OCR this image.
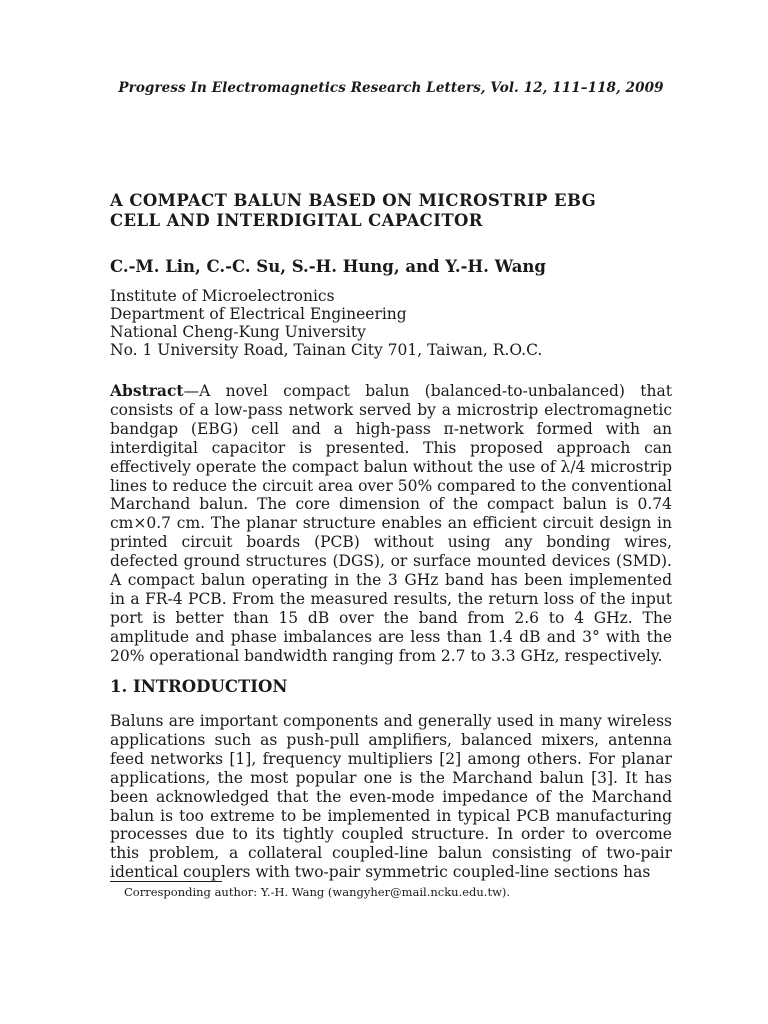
Progress In Electromagnetics Research Letters, Vol. 12, 111–118, 2009
A COMPACT BALUN BASED ON MICROSTRIP EBG
CELL AND INTERDIGITAL CAPACITOR
C.-M. Lin, C.-C. Su, S.-H. Hung, and Y.-H. Wang
Institute of Microelectronics
Department of Electrical Engineering
National Cheng-Kung University
No. 1 University Road, Tainan City 701, Taiwan, R.O.C.
Abstract—A novel compact balun (balanced-to-unbalanced) that consists of a low-pass network served by a microstrip electromagnetic bandgap (EBG) cell and a high-pass π-network formed with an interdigital capacitor is presented. This proposed approach can effectively operate the compact balun without the use of λ/4 microstrip lines to reduce the circuit area over 50% compared to the conventional Marchand balun. The core dimension of the compact balun is 0.74 cm×0.7 cm. The planar structure enables an efficient circuit design in printed circuit boards (PCB) without using any bonding wires, defected ground structures (DGS), or surface mounted devices (SMD). A compact balun operating in the 3 GHz band has been implemented in a FR-4 PCB. From the measured results, the return loss of the input port is better than 15 dB over the band from 2.6 to 4 GHz. The amplitude and phase imbalances are less than 1.4 dB and 3° with the 20% operational bandwidth ranging from 2.7 to 3.3 GHz, respectively.
1. INTRODUCTION
Baluns are important components and generally used in many wireless applications such as push-pull amplifiers, balanced mixers, antenna feed networks [1], frequency multipliers [2] among others. For planar applications, the most popular one is the Marchand balun [3]. It has been acknowledged that the even-mode impedance of the Marchand balun is too extreme to be implemented in typical PCB manufacturing processes due to its tightly coupled structure. In order to overcome this problem, a collateral coupled-line balun consisting of two-pair identical couplers with two-pair symmetric coupled-line sections has
Corresponding author: Y.-H. Wang (wangyher@mail.ncku.edu.tw).
